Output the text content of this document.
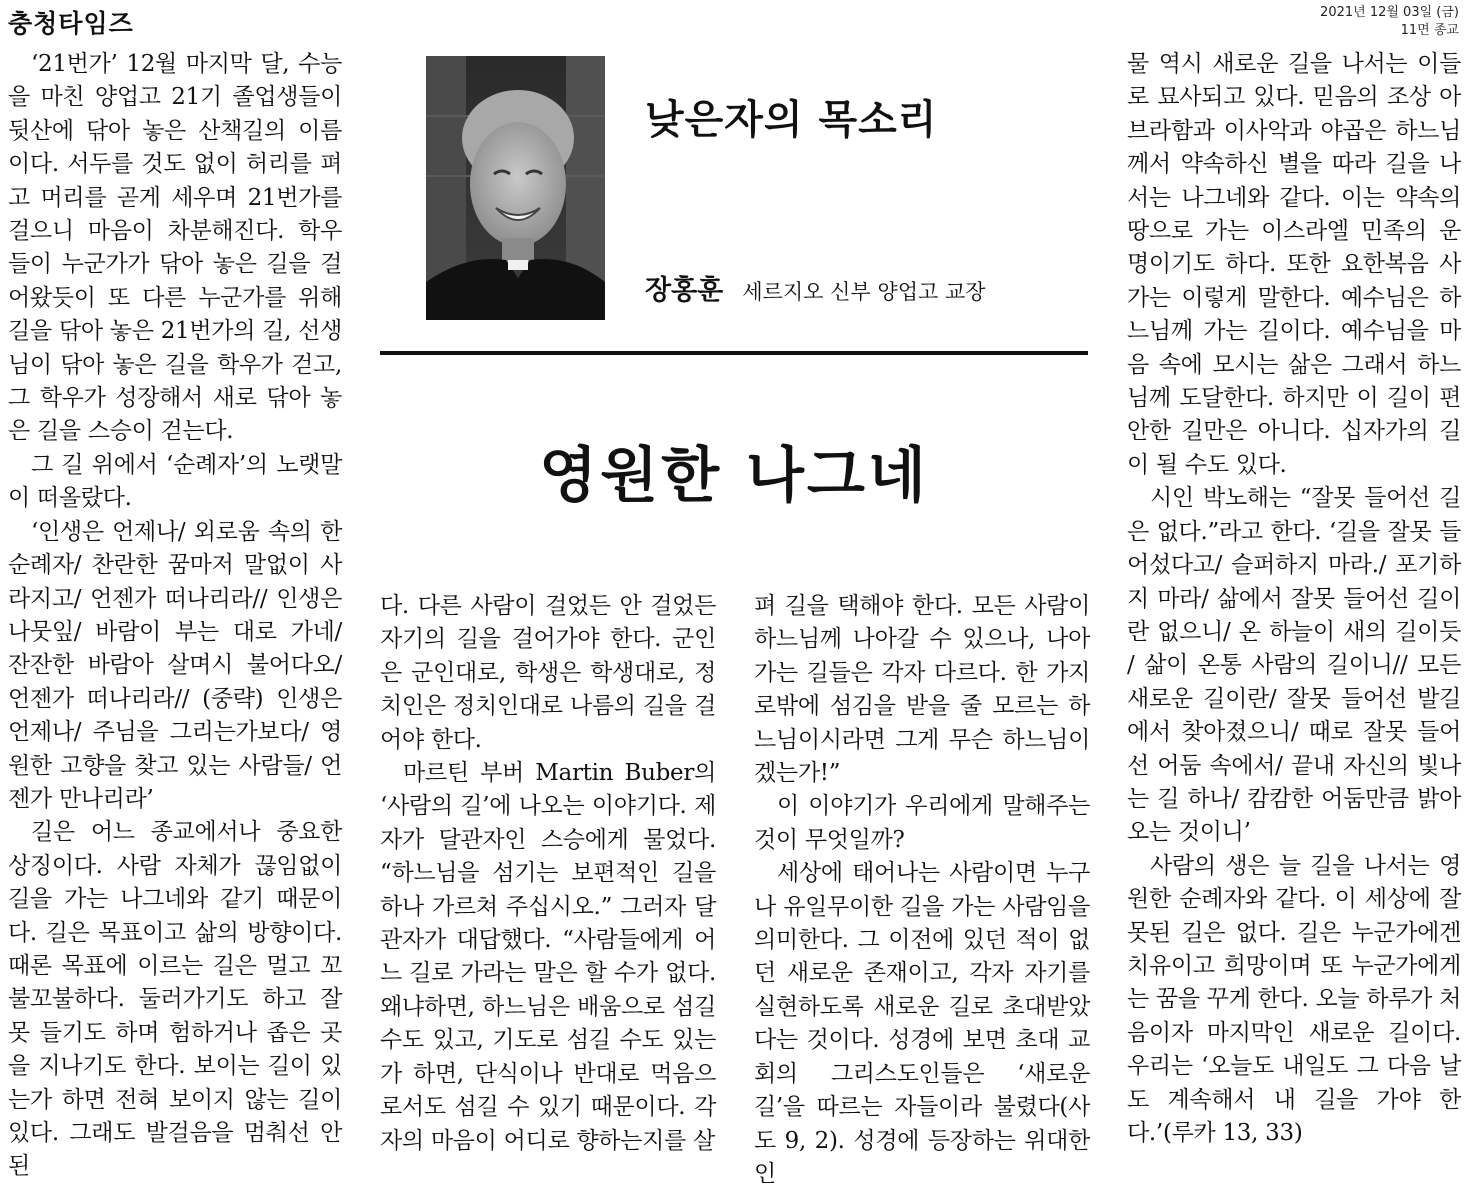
충청타임즈	2021년 12월 03일 (금)
11면 종교

‘21번가’ 12월 마지막 달, 수능을 마친 양업고 21기 졸업생들이 뒷산에 닦아 놓은 산책길의 이름이다. 서두를 것도 없이 허리를 펴고 머리를 곧게 세우며 21번가를 걸으니 마음이 차분해진다. 학우들이 누군가가 닦아 놓은 길을 걸어왔듯이 또 다른 누군가를 위해 길을 닦아 놓은 21번가의 길, 선생님이 닦아 놓은 길을 학우가 걷고, 그 학우가 성장해서 새로 닦아 놓은 길을 스승이 걷는다.

그 길 위에서 ‘순례자’의 노랫말이 떠올랐다.

‘인생은 언제나/ 외로움 속의 한 순례자/ 찬란한 꿈마저 말없이 사라지고/ 언젠가 떠나리라// 인생은 나뭇잎/ 바람이 부는 대로 가네/ 잔잔한 바람아 살며시 불어다오/ 언젠가 떠나리라// (중략) 인생은 언제나/ 주님을 그리는가보다/ 영원한 고향을 찾고 있는 사람들/ 언젠가 만나리라’

길은 어느 종교에서나 중요한 상징이다. 사람 자체가 끊임없이 길을 가는 나그네와 같기 때문이다. 길은 목표이고 삶의 방향이다. 때론 목표에 이르는 길은 멀고 꼬불꼬불하다. 둘러가기도 하고 잘못 들기도 하며 험하거나 좁은 곳을 지나기도 한다. 보이는 길이 있는가 하면 전혀 보이지 않는 길이 있다. 그래도 발걸음을 멈춰선 안 된

낮은자의 목소리
장홍훈 세르지오 신부 양업고 교장
영원한 나그네

다. 다른 사람이 걸었든 안 걸었든 자기의 길을 걸어가야 한다. 군인은 군인대로, 학생은 학생대로, 정치인은 정치인대로 나름의 길을 걸어야 한다.

마르틴 부버 Martin Buber의 ‘사람의 길’에 나오는 이야기다. 제자가 달관자인 스승에게 물었다. “하느님을 섬기는 보편적인 길을 하나 가르쳐 주십시오.” 그러자 달관자가 대답했다. “사람들에게 어느 길로 가라는 말은 할 수가 없다. 왜냐하면, 하느님은 배움으로 섬길 수도 있고, 기도로 섬길 수도 있는가 하면, 단식이나 반대로 먹음으로서도 섬길 수 있기 때문이다. 각자의 마음이 어디로 향하는지를 살

펴 길을 택해야 한다. 모든 사람이 하느님께 나아갈 수 있으나, 나아가는 길들은 각자 다르다. 한 가지로밖에 섬김을 받을 줄 모르는 하느님이시라면 그게 무슨 하느님이겠는가!”

이 이야기가 우리에게 말해주는 것이 무엇일까?

세상에 태어나는 사람이면 누구나 유일무이한 길을 가는 사람임을 의미한다. 그 이전에 있던 적이 없던 새로운 존재이고, 각자 자기를 실현하도록 새로운 길로 초대받았다는 것이다. 성경에 보면 초대 교회의 그리스도인들은 ‘새로운 길’을 따르는 자들이라 불렸다(사도 9, 2). 성경에 등장하는 위대한 인

물 역시 새로운 길을 나서는 이들로 묘사되고 있다. 믿음의 조상 아브라함과 이사악과 야곱은 하느님께서 약속하신 별을 따라 길을 나서는 나그네와 같다. 이는 약속의 땅으로 가는 이스라엘 민족의 운명이기도 하다. 또한 요한복음 사가는 이렇게 말한다. 예수님은 하느님께 가는 길이다. 예수님을 마음 속에 모시는 삶은 그래서 하느님께 도달한다. 하지만 이 길이 편안한 길만은 아니다. 십자가의 길이 될 수도 있다.

시인 박노해는 “잘못 들어선 길은 없다.”라고 한다. ‘길을 잘못 들어섰다고/ 슬퍼하지 마라./ 포기하지 마라/ 삶에서 잘못 들어선 길이란 없으니/ 온 하늘이 새의 길이듯 / 삶이 온통 사람의 길이니// 모든 새로운 길이란/ 잘못 들어선 발길에서 찾아졌으니/ 때로 잘못 들어선 어둠 속에서/ 끝내 자신의 빛나는 길 하나/ 캄캄한 어둠만큼 밝아오는 것이니’

사람의 생은 늘 길을 나서는 영원한 순례자와 같다. 이 세상에 잘못된 길은 없다. 길은 누군가에겐 치유이고 희망이며 또 누군가에게는 꿈을 꾸게 한다. 오늘 하루가 처음이자 마지막인 새로운 길이다. 우리는 ‘오늘도 내일도 그 다음 날도 계속해서 내 길을 가야 한다.’(루카 13, 33)
